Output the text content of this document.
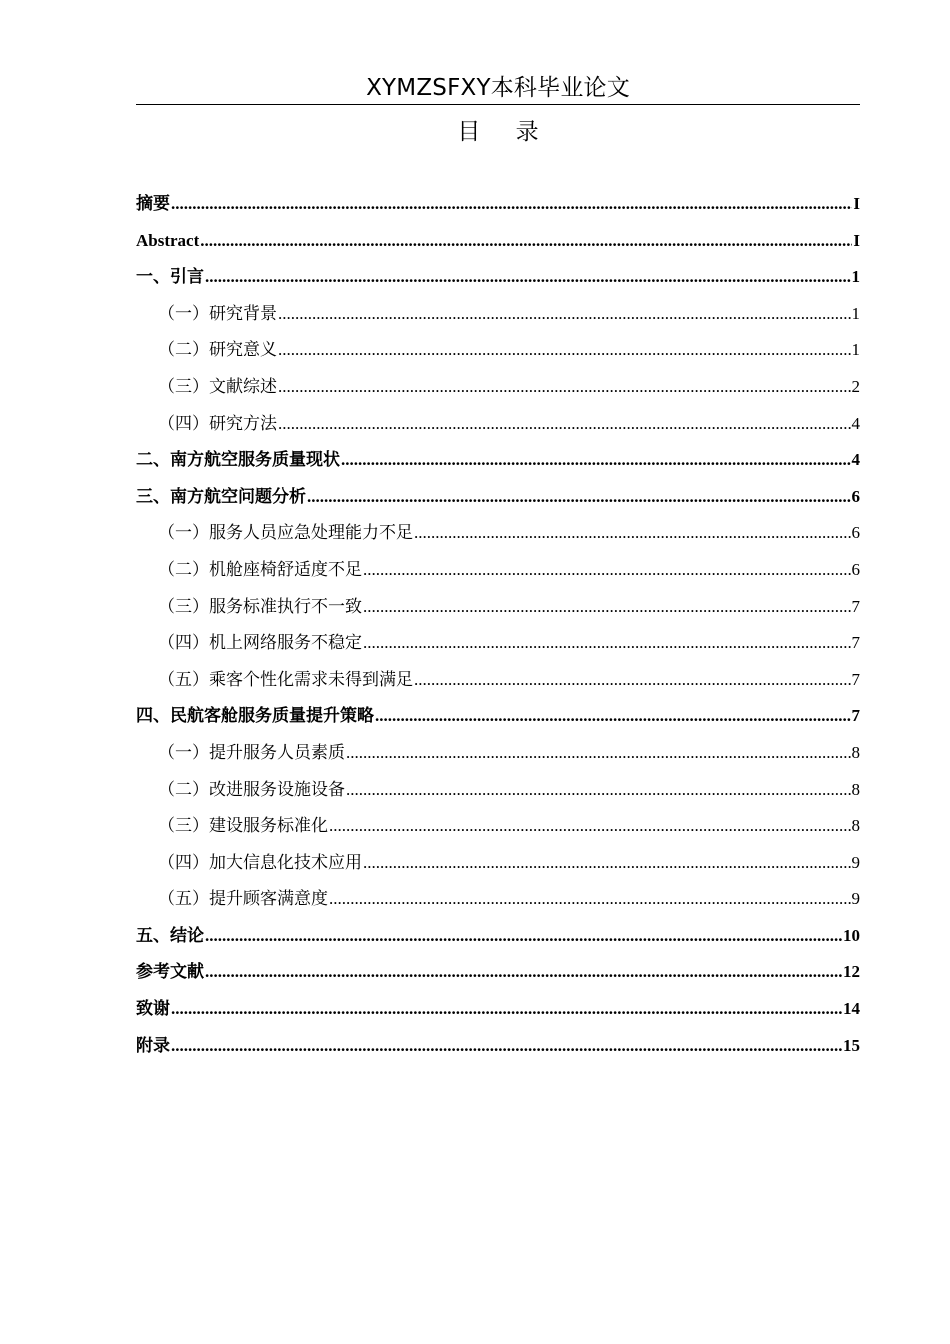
XYMZSFXY本科毕业论文
目 录
摘要 .....	I
Abstract .....	I
一、引言 .....	1
（一）研究背景 .....	1
（二）研究意义 .....	1
（三）文献综述 .....	2
（四）研究方法 .....	4
二、南方航空服务质量现状 .....	4
三、南方航空问题分析 .....	6
（一）服务人员应急处理能力不足 .....	6
（二）机舱座椅舒适度不足 .....	6
（三）服务标准执行不一致 .....	7
（四）机上网络服务不稳定 .....	7
（五）乘客个性化需求未得到满足 .....	7
四、民航客舱服务质量提升策略 .....	7
（一）提升服务人员素质 .....	8
（二）改进服务设施设备 .....	8
（三）建设服务标准化 .....	8
（四）加大信息化技术应用 .....	9
（五）提升顾客满意度 .....	9
五、结论 .....	10
参考文献 .....	12
致谢 .....	14
附录 .....	15
